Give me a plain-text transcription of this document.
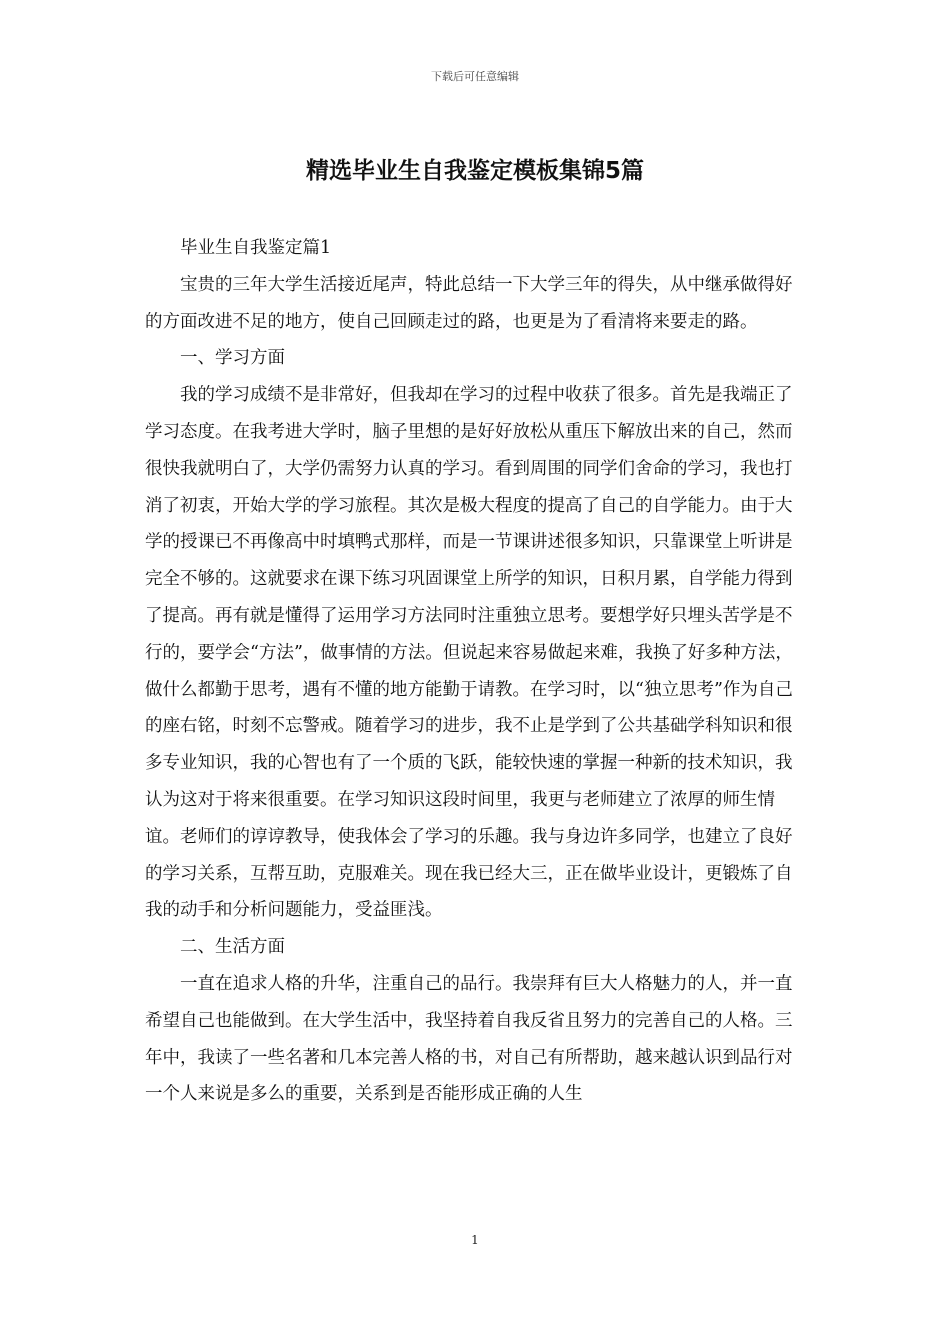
下载后可任意编辑
精选毕业生自我鉴定模板集锦5篇

毕业生自我鉴定篇1

宝贵的三年大学生活接近尾声，特此总结一下大学三年的得失，从中继承做得好的方面改进不足的地方，使自己回顾走过的路，也更是为了看清将来要走的路。

一、学习方面

我的学习成绩不是非常好，但我却在学习的过程中收获了很多。首先是我端正了学习态度。在我考进大学时，脑子里想的是好好放松从重压下解放出来的自己，然而很快我就明白了，大学仍需努力认真的学习。看到周围的同学们舍命的学习，我也打消了初衷，开始大学的学习旅程。其次是极大程度的提高了自己的自学能力。由于大学的授课已不再像高中时填鸭式那样，而是一节课讲述很多知识，只靠课堂上听讲是完全不够的。这就要求在课下练习巩固课堂上所学的知识，日积月累，自学能力得到了提高。再有就是懂得了运用学习方法同时注重独立思考。要想学好只埋头苦学是不行的，要学会“方法”，做事情的方法。但说起来容易做起来难，我换了好多种方法，做什么都勤于思考，遇有不懂的地方能勤于请教。在学习时，以“独立思考”作为自己的座右铭，时刻不忘警戒。随着学习的进步，我不止是学到了公共基础学科知识和很多专业知识，我的心智也有了一个质的飞跃，能较快速的掌握一种新的技术知识，我认为这对于将来很重要。在学习知识这段时间里，我更与老师建立了浓厚的师生情谊。老师们的谆谆教导，使我体会了学习的乐趣。我与身边许多同学，也建立了良好的学习关系，互帮互助，克服难关。现在我已经大三，正在做毕业设计，更锻炼了自我的动手和分析问题能力，受益匪浅。

二、生活方面

一直在追求人格的升华，注重自己的品行。我崇拜有巨大人格魅力的人，并一直希望自己也能做到。在大学生活中，我坚持着自我反省且努力的完善自己的人格。三年中，我读了一些名著和几本完善人格的书，对自己有所帮助，越来越认识到品行对一个人来说是多么的重要，关系到是否能形成正确的人生

1
